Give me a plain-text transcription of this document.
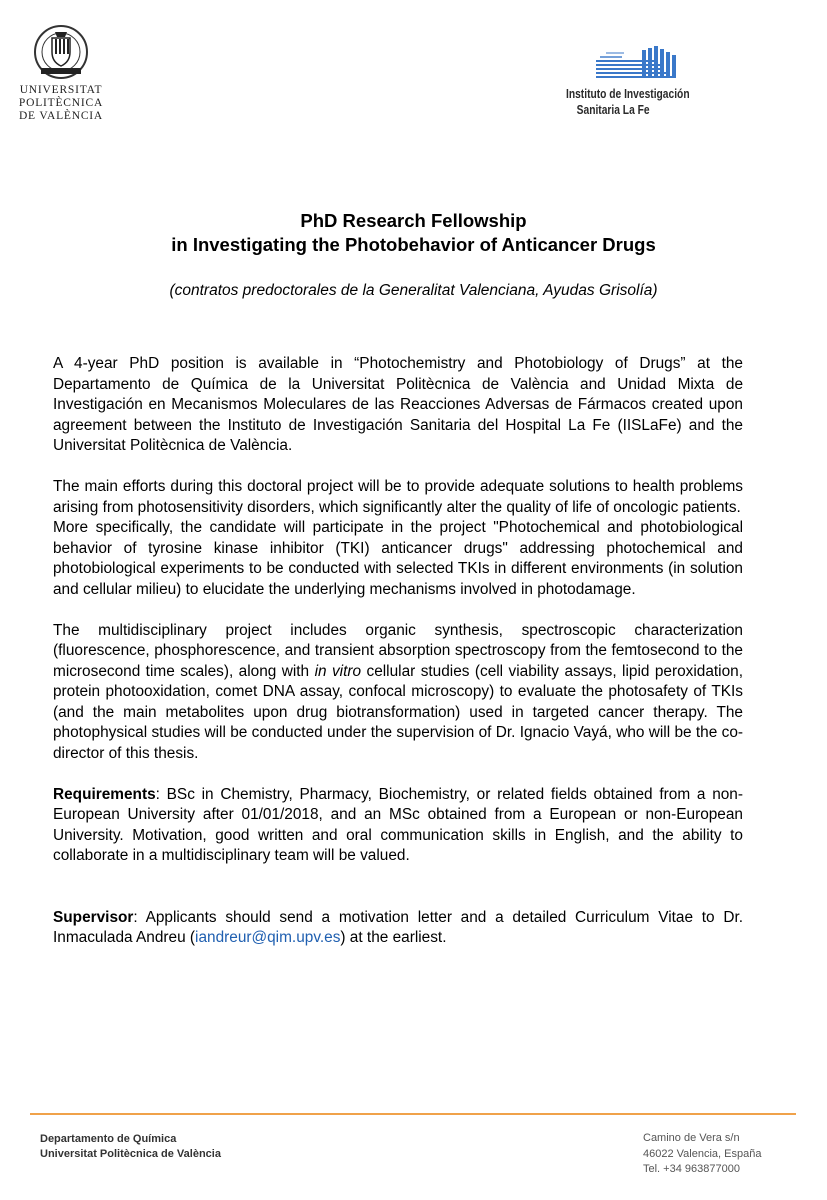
UNIVERSITAT
POLITÈCNICA
DE VALÈNCIA
Instituto de Investigación
Sanitaria La Fe
PhD Research Fellowship
in Investigating the Photobehavior of Anticancer Drugs
(contratos predoctorales de la Generalitat Valenciana, Ayudas Grisolía)

A 4-year PhD position is available in “Photochemistry and Photobiology of Drugs” at the Departamento de Química de la Universitat Politècnica de València and Unidad Mixta de Investigación en Mecanismos Moleculares de las Reacciones Adversas de Fármacos created upon agreement between the Instituto de Investigación Sanitaria del Hospital La Fe (IISLaFe) and the Universitat Politècnica de València.

The main efforts during this doctoral project will be to provide adequate solutions to health problems arising from photosensitivity disorders, which significantly alter the quality of life of oncologic patients.

More specifically, the candidate will participate in the project "Photochemical and photobiological behavior of tyrosine kinase inhibitor (TKI) anticancer drugs" addressing photochemical and photobiological experiments to be conducted with selected TKIs in different environments (in solution and cellular milieu) to elucidate the underlying mechanisms involved in photodamage.

The multidisciplinary project includes organic synthesis, spectroscopic characterization (fluorescence, phosphorescence, and transient absorption spectroscopy from the femtosecond to the microsecond time scales), along with in vitro cellular studies (cell viability assays, lipid peroxidation, protein photooxidation, comet DNA assay, confocal microscopy) to evaluate the photosafety of TKIs (and the main metabolites upon drug biotransformation) used in targeted cancer therapy. The photophysical studies will be conducted under the supervision of Dr. Ignacio Vayá, who will be the co-director of this thesis.

Requirements: BSc in Chemistry, Pharmacy, Biochemistry, or related fields obtained from a non-European University after 01/01/2018, and an MSc obtained from a European or non-European University. Motivation, good written and oral communication skills in English, and the ability to collaborate in a multidisciplinary team will be valued.

Supervisor: Applicants should send a motivation letter and a detailed Curriculum Vitae to Dr. Inmaculada Andreu (iandreur@qim.upv.es) at the earliest.

Departamento de Química
Universitat Politècnica de València
Camino de Vera s/n
46022 Valencia, España
Tel. +34 963877000
